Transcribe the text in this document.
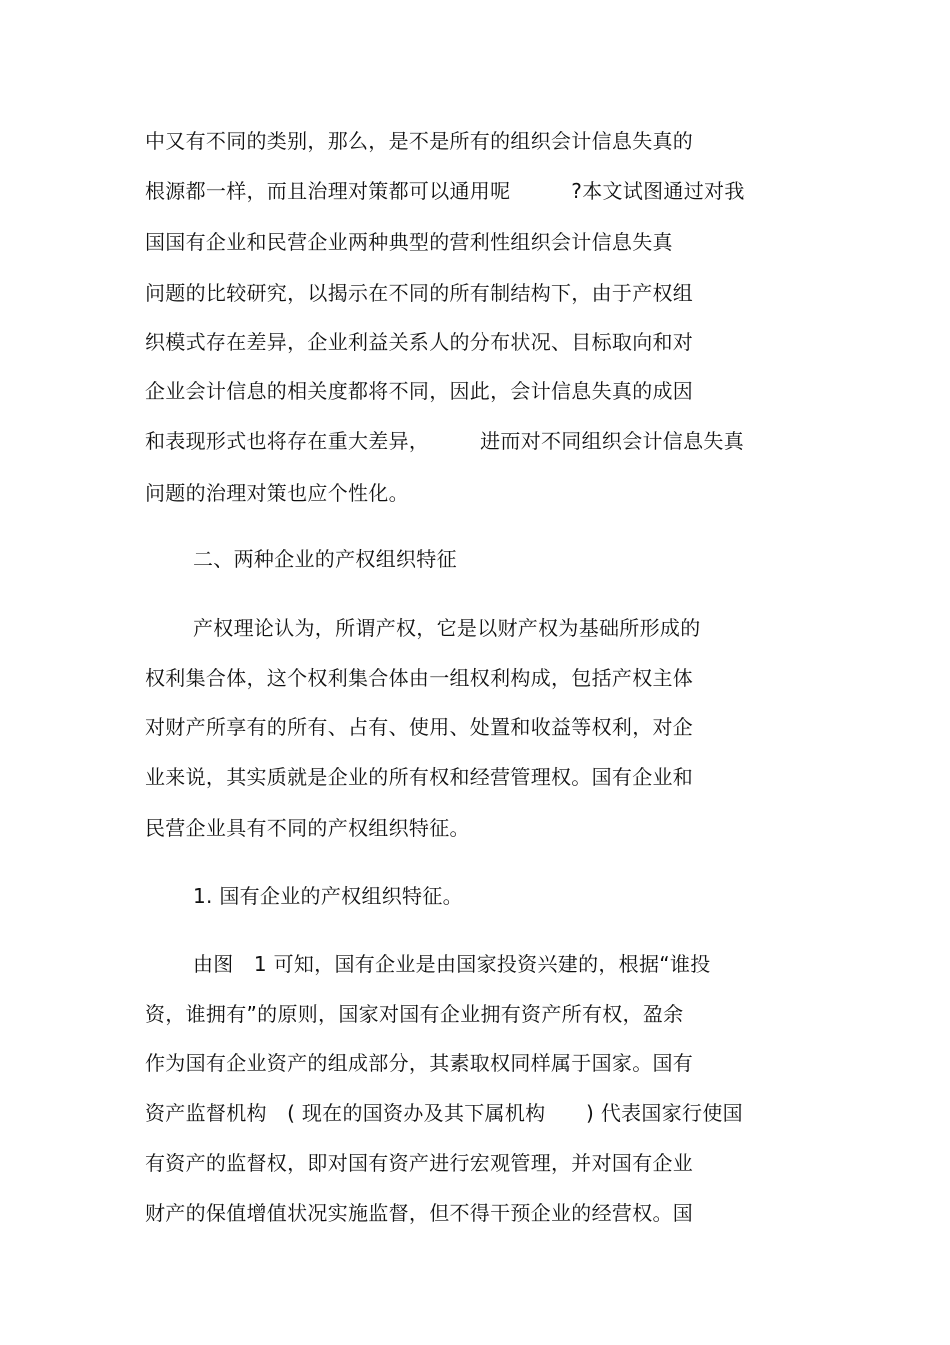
中又有不同的类别，那么，是不是所有的组织会计信息失真的
根源都一样，而且治理对策都可以通用呢　　　?本文试图通过对我
国国有企业和民营企业两种典型的营利性组织会计信息失真
问题的比较研究，以揭示在不同的所有制结构下，由于产权组
织模式存在差异，企业利益关系人的分布状况、目标取向和对
企业会计信息的相关度都将不同，因此，会计信息失真的成因
和表现形式也将存在重大差异，　　　进而对不同组织会计信息失真
问题的治理对策也应个性化。
二、两种企业的产权组织特征
产权理论认为，所谓产权，它是以财产权为基础所形成的
权利集合体，这个权利集合体由一组权利构成，包括产权主体
对财产所享有的所有、占有、使用、处置和收益等权利，对企
业来说，其实质就是企业的所有权和经营管理权。国有企业和
民营企业具有不同的产权组织特征。
1. 国有企业的产权组织特征。
由图　1 可知，国有企业是由国家投资兴建的，根据“谁投
资，谁拥有”的原则，国家对国有企业拥有资产所有权，盈余
作为国有企业资产的组成部分，其素取权同样属于国家。国有
资产监督机构　( 现在的国资办及其下属机构　　) 代表国家行使国
有资产的监督权，即对国有资产进行宏观管理，并对国有企业
财产的保值增值状况实施监督，但不得干预企业的经营权。国
